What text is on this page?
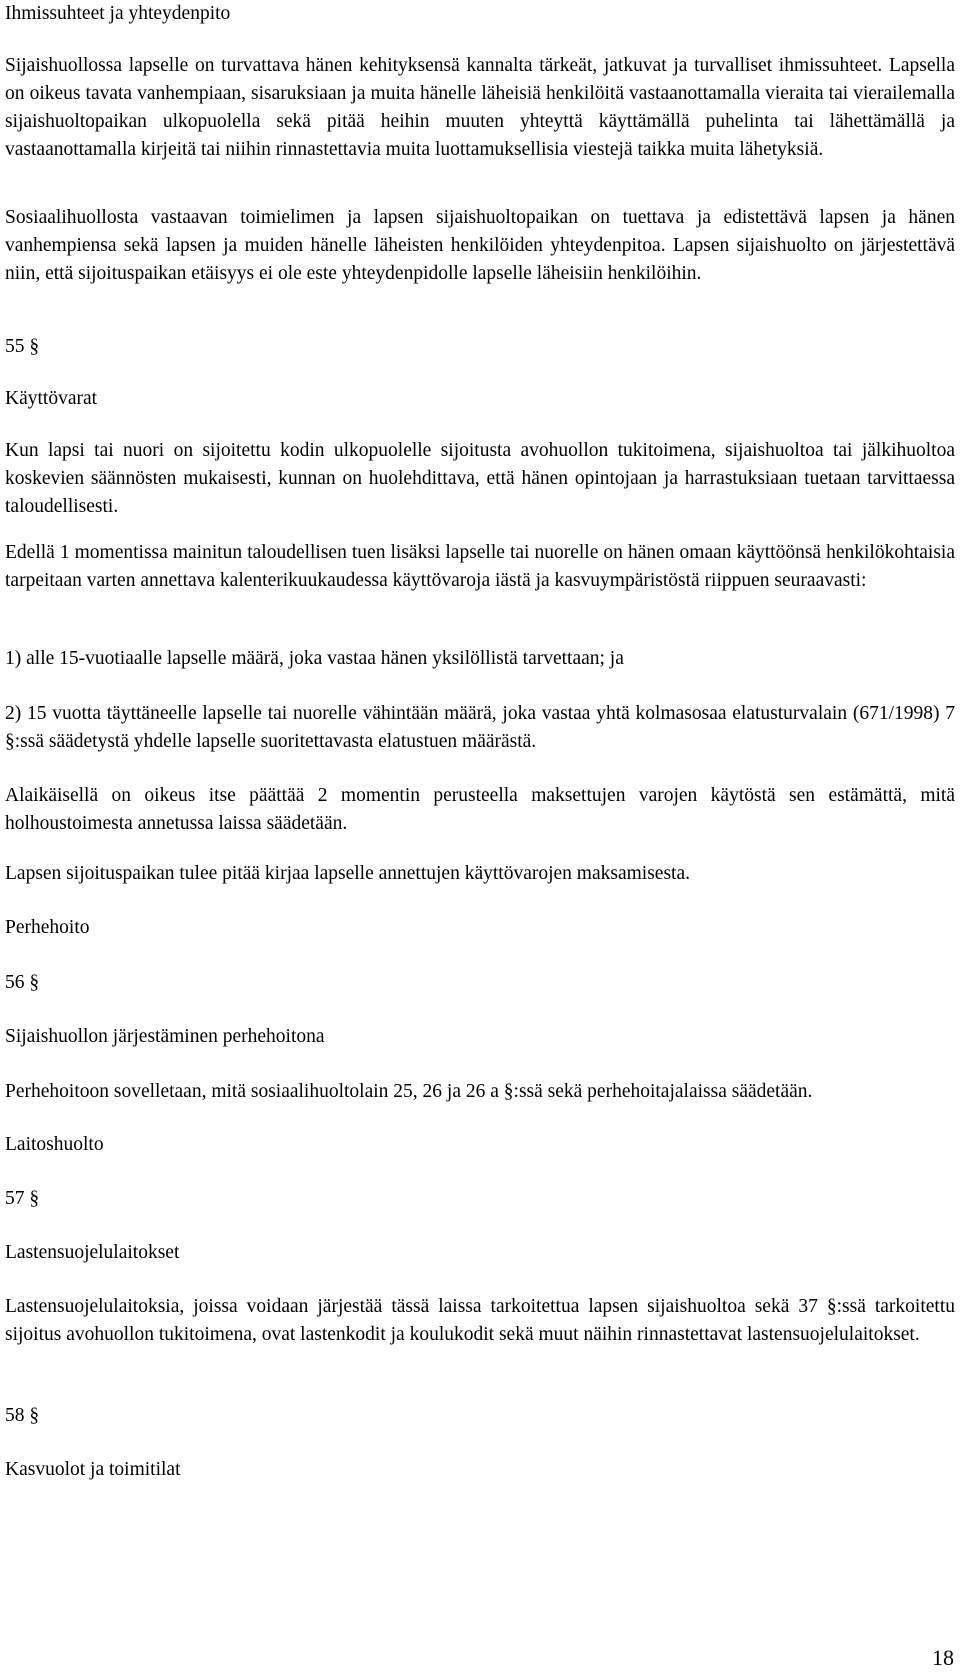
Ihmissuhteet ja yhteydenpito

Sijaishuollossa lapselle on turvattava hänen kehityksensä kannalta tärkeät, jatkuvat ja turvalliset ihmissuhteet. Lapsella on oikeus tavata vanhempiaan, sisaruksiaan ja muita hänelle läheisiä henkilöitä vastaanottamalla vieraita tai vierailemalla sijaishuoltopaikan ulkopuolella sekä pitää heihin muuten yhteyttä käyttämällä puhelinta tai lähettämällä ja vastaanottamalla kirjeitä tai niihin rinnastettavia muita luottamuksellisia viestejä taikka muita lähetyksiä.

Sosiaalihuollosta vastaavan toimielimen ja lapsen sijaishuoltopaikan on tuettava ja edistettävä lapsen ja hänen vanhempiensa sekä lapsen ja muiden hänelle läheisten henkilöiden yhteydenpitoa. Lapsen sijaishuolto on järjestettävä niin, että sijoituspaikan etäisyys ei ole este yhteydenpidolle lapselle läheisiin henkilöihin.

55 §

Käyttövarat

Kun lapsi tai nuori on sijoitettu kodin ulkopuolelle sijoitusta avohuollon tukitoimena, sijaishuoltoa tai jälkihuoltoa koskevien säännösten mukaisesti, kunnan on huolehdittava, että hänen opintojaan ja harrastuksiaan tuetaan tarvittaessa taloudellisesti.

Edellä 1 momentissa mainitun taloudellisen tuen lisäksi lapselle tai nuorelle on hänen omaan käyttöönsä henkilökohtaisia tarpeitaan varten annettava kalenterikuukaudessa käyttövaroja iästä ja kasvuympäristöstä riippuen seuraavasti:

1) alle 15-vuotiaalle lapselle määrä, joka vastaa hänen yksilöllistä tarvettaan; ja

2) 15 vuotta täyttäneelle lapselle tai nuorelle vähintään määrä, joka vastaa yhtä kolmasosaa elatusturvalain (671/1998) 7 §:ssä säädetystä yhdelle lapselle suoritettavasta elatustuen määrästä.

Alaikäisellä on oikeus itse päättää 2 momentin perusteella maksettujen varojen käytöstä sen estämättä, mitä holhoustoimesta annetussa laissa säädetään.

Lapsen sijoituspaikan tulee pitää kirjaa lapselle annettujen käyttövarojen maksamisesta.

Perhehoito

56 §

Sijaishuollon järjestäminen perhehoitona

Perhehoitoon sovelletaan, mitä sosiaalihuoltolain 25, 26 ja 26 a §:ssä sekä perhehoitajalaissa säädetään.

Laitoshuolto

57 §

Lastensuojelulaitokset

Lastensuojelulaitoksia, joissa voidaan järjestää tässä laissa tarkoitettua lapsen sijaishuoltoa sekä 37 §:ssä tarkoitettu sijoitus avohuollon tukitoimena, ovat lastenkodit ja koulukodit sekä muut näihin rinnastettavat lastensuojelulaitokset.

58 §

Kasvuolot ja toimitilat

18
